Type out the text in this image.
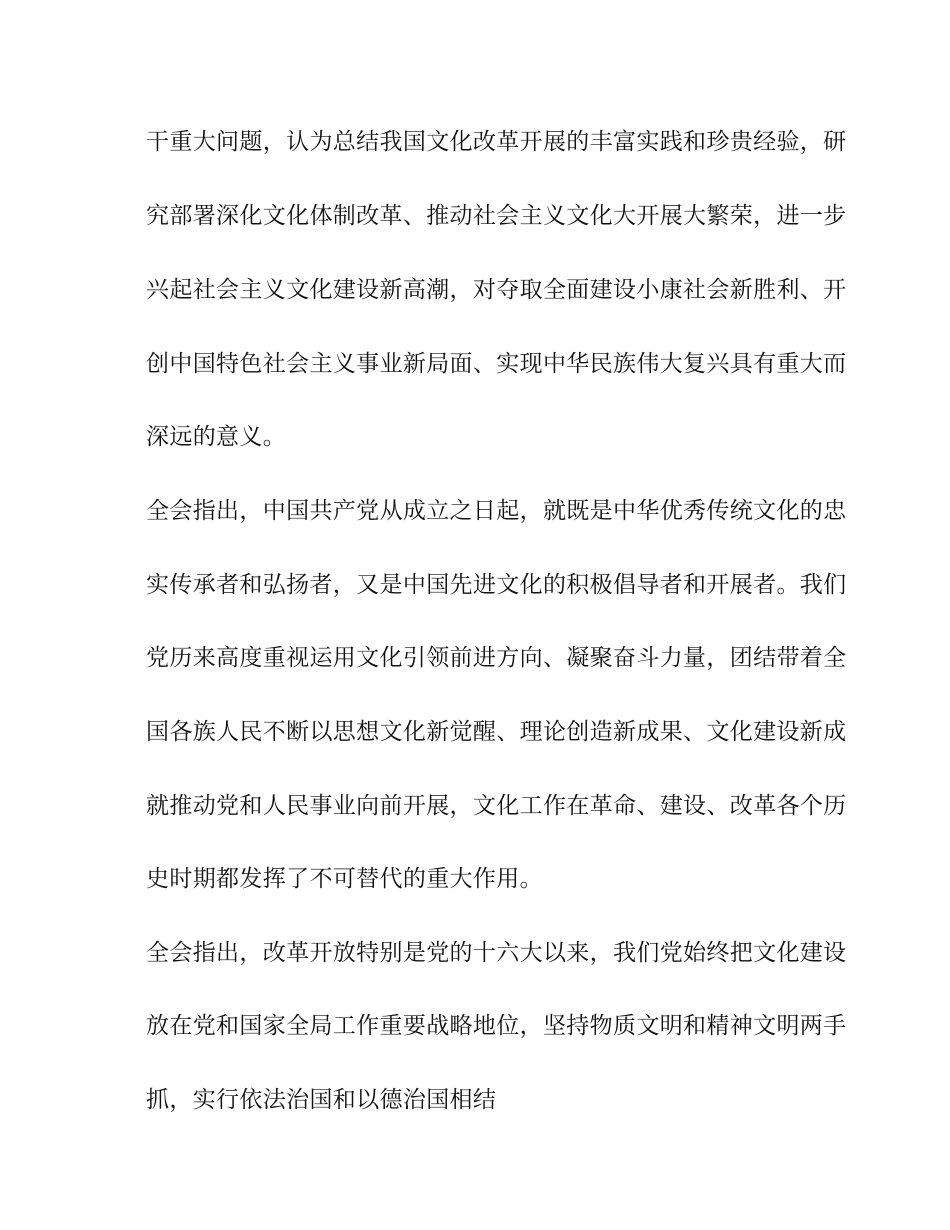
干重大问题，认为总结我国文化改革开展的丰富实践和珍贵经验，研
究部署深化文化体制改革、推动社会主义文化大开展大繁荣，进一步
兴起社会主义文化建设新高潮，对夺取全面建设小康社会新胜利、开
创中国特色社会主义事业新局面、实现中华民族伟大复兴具有重大而
深远的意义。
全会指出，中国共产党从成立之日起，就既是中华优秀传统文化的忠
实传承者和弘扬者，又是中国先进文化的积极倡导者和开展者。我们
党历来高度重视运用文化引领前进方向、凝聚奋斗力量，团结带着全
国各族人民不断以思想文化新觉醒、理论创造新成果、文化建设新成
就推动党和人民事业向前开展，文化工作在革命、建设、改革各个历
史时期都发挥了不可替代的重大作用。
全会指出，改革开放特别是党的十六大以来，我们党始终把文化建设
放在党和国家全局工作重要战略地位，坚持物质文明和精神文明两手
抓，实行依法治国和以德治国相结
